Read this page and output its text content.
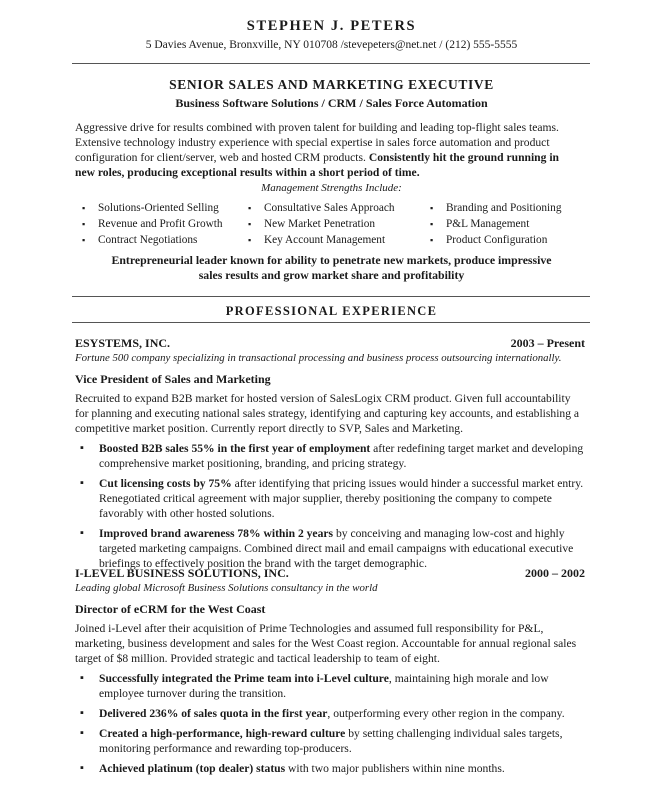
STEPHEN J. PETERS
5 Davies Avenue, Bronxville, NY 010708 /stevepeters@net.net / (212) 555-5555
SENIOR SALES AND MARKETING EXECUTIVE
Business Software Solutions / CRM / Sales Force Automation
Aggressive drive for results combined with proven talent for building and leading top-flight sales teams. Extensive technology industry experience with special expertise in sales force automation and product configuration for client/server, web and hosted CRM products. Consistently hit the ground running in new roles, producing exceptional results within a short period of time.
Management Strengths Include:
▪ Solutions-Oriented Selling
▪ Revenue and Profit Growth
▪ Contract Negotiations
▪ Consultative Sales Approach
▪ New Market Penetration
▪ Key Account Management
▪ Branding and Positioning
▪ P&L Management
▪ Product Configuration
Entrepreneurial leader known for ability to penetrate new markets, produce impressive
sales results and grow market share and profitability
PROFESSIONAL EXPERIENCE
ESYSTEMS, INC.	2003 – Present
Fortune 500 company specializing in transactional processing and business process outsourcing internationally.
Vice President of Sales and Marketing
Recruited to expand B2B market for hosted version of SalesLogix CRM product. Given full accountability for planning and executing national sales strategy, identifying and capturing key accounts, and establishing a competitive market position. Currently report directly to SVP, Sales and Marketing.
▪ Boosted B2B sales 55% in the first year of employment after redefining target market and developing comprehensive market positioning, branding, and pricing strategy.
▪ Cut licensing costs by 75% after identifying that pricing issues would hinder a successful market entry. Renegotiated critical agreement with major supplier, thereby positioning the company to compete favorably with other hosted solutions.
▪ Improved brand awareness 78% within 2 years by conceiving and managing low-cost and highly targeted marketing campaigns. Combined direct mail and email campaigns with educational executive briefings to effectively position the brand with the target demographic.
I-LEVEL BUSINESS SOLUTIONS, INC.	2000 – 2002
Leading global Microsoft Business Solutions consultancy in the world
Director of eCRM for the West Coast
Joined i-Level after their acquisition of Prime Technologies and assumed full responsibility for P&L, marketing, business development and sales for the West Coast region. Accountable for annual regional sales target of $8 million. Provided strategic and tactical leadership to team of eight.
▪ Successfully integrated the Prime team into i-Level culture, maintaining high morale and low employee turnover during the transition.
▪ Delivered 236% of sales quota in the first year, outperforming every other region in the company.
▪ Created a high-performance, high-reward culture by setting challenging individual sales targets, monitoring performance and rewarding top-producers.
▪ Achieved platinum (top dealer) status with two major publishers within nine months.
